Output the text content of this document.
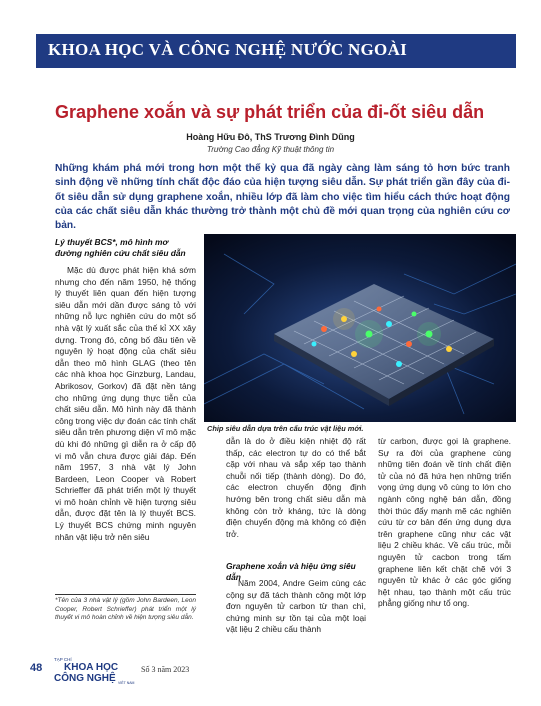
KHOA HỌC VÀ CÔNG NGHỆ NƯỚC NGOÀI
Graphene xoắn và sự phát triển của đi-ốt siêu dẫn
Hoàng Hữu Đô, ThS Trương Đình Dũng
Trường Cao đẳng Kỹ thuật thông tin
Những khám phá mới trong hơn một thế kỷ qua đã ngày càng làm sáng tỏ hơn bức tranh sinh động về những tính chất độc đáo của hiện tượng siêu dẫn. Sự phát triển gần đây của đi-ốt siêu dẫn sử dụng graphene xoắn, nhiều lớp đã làm cho việc tìm hiểu cách thức hoạt động của các chất siêu dẫn khác thường trở thành một chủ đề mới quan trọng của nghiên cứu cơ bản.
Lý thuyết BCS*, mô hình mơ đường nghiên cứu chất siêu dẫn

Mặc dù được phát hiện khá sớm nhưng cho đến năm 1950, hệ thống lý thuyết liên quan đến hiện tượng siêu dẫn mới dần được sáng tỏ với những nỗ lực nghiên cứu do một số nhà vật lý xuất sắc của thế kỉ XX xây dựng. Trong đó, công bố đầu tiên về nguyên lý hoạt động của chất siêu dẫn theo mô hình GLAG (theo tên các nhà khoa học Ginzburg, Landau, Abrikosov, Gorkov) đã đặt nền tảng cho những ứng dụng thực tiễn của chất siêu dẫn. Mô hình này đã thành công trong việc dự đoán các tính chất siêu dẫn trên phương diện vĩ mô mặc dù khi đó những gì diễn ra ở cấp độ vi mô vẫn chưa được giải đáp. Đến năm 1957, 3 nhà vật lý John Bardeen, Leon Cooper và Robert Schrieffer đã phát triển một lý thuyết vi mô hoàn chỉnh về hiện tượng siêu dẫn, được đặt tên là lý thuyết BCS. Lý thuyết BCS chứng minh nguyên nhân vật liệu trở nên siêu

Chip siêu dẫn dựa trên cấu trúc vật liệu mới.

dẫn là do ở điều kiện nhiệt độ rất thấp, các electron tự do có thể bắt cặp với nhau và sắp xếp tạo thành chuỗi nối tiếp (thành dòng). Do đó, các electron chuyển động định hướng bên trong chất siêu dẫn mà không còn trở kháng, tức là dòng điện chuyển động mà không có điện trở.

Graphene xoắn và hiệu ứng siêu dẫn

Năm 2004, Andre Geim cùng các cộng sự đã tách thành công một lớp đơn nguyên tử carbon từ than chì, chứng minh sự tồn tại của một loại vật liệu 2 chiều cấu thành

từ carbon, được gọi là graphene. Sự ra đời của graphene cùng những tiên đoán về tính chất điện tử của nó đã hứa hẹn những triển vọng ứng dụng vô cùng to lớn cho ngành công nghệ bán dẫn, đồng thời thúc đẩy mạnh mẽ các nghiên cứu từ cơ bản đến ứng dụng dựa trên graphene cũng như các vật liệu 2 chiều khác. Về cấu trúc, mỗi nguyên tử cacbon trong tấm graphene liên kết chặt chẽ với 3 nguyên tử khác ở các góc giống hệt nhau, tạo thành một cấu trúc phẳng giống như tổ ong.

*Tên của 3 nhà vật lý (gồm John Bardeen, Leon Cooper, Robert Schrieffer) phát triển một lý thuyết vi mô hoàn chỉnh về hiện tượng siêu dẫn.
48
TẠP CHÍ
KHOA HỌC
CÔNG NGHỆ VIỆT NAM
Số 3 năm 2023
